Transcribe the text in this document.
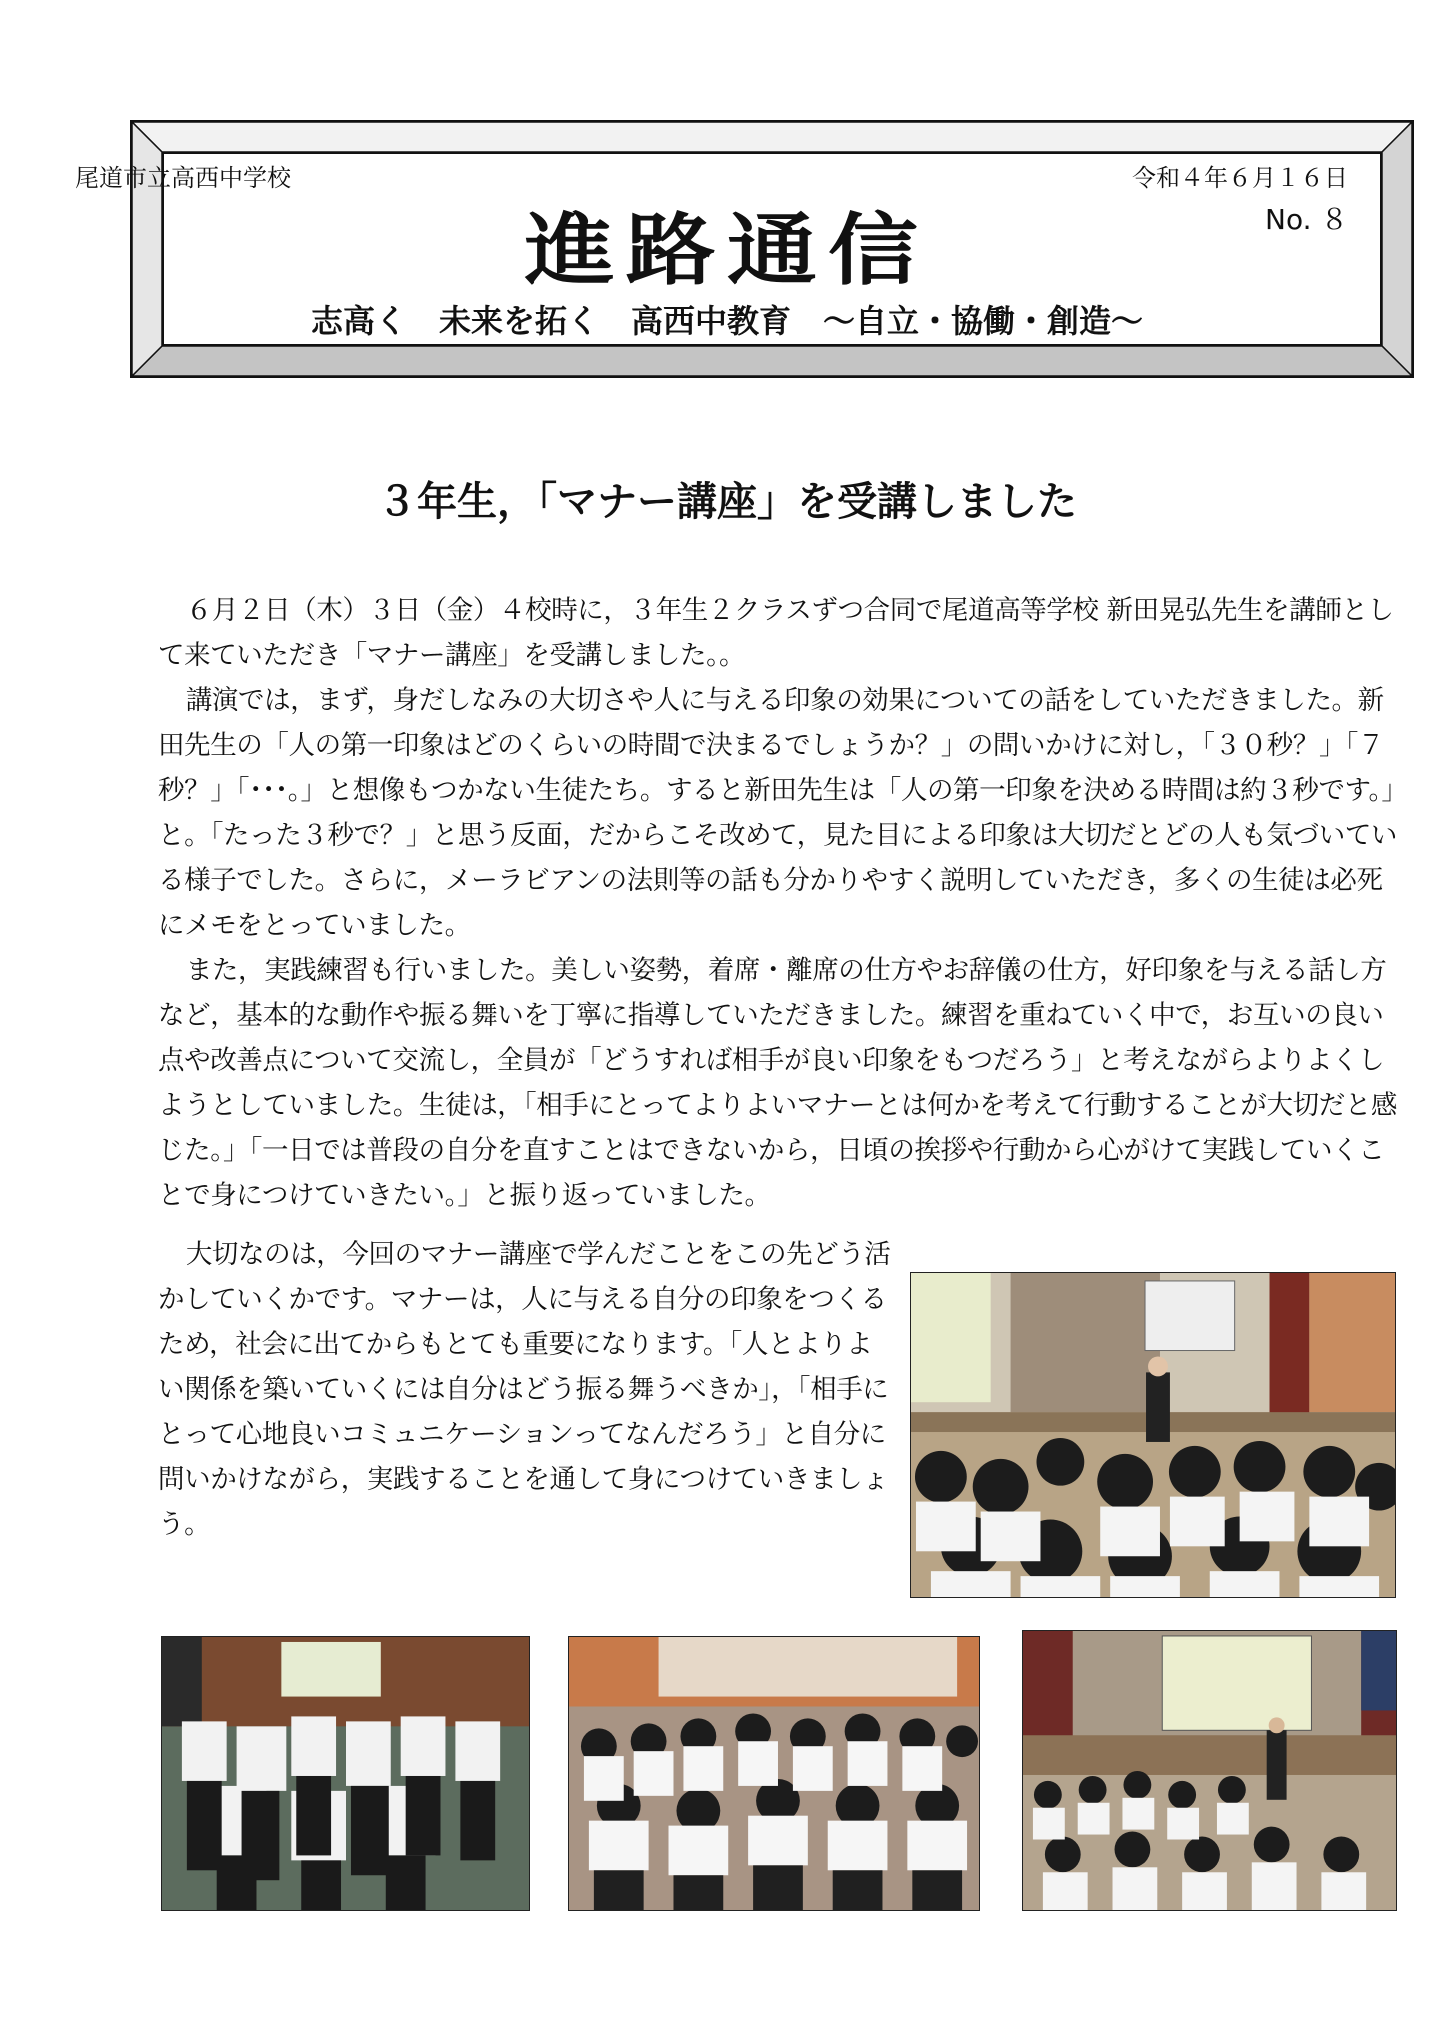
尾道市立高西中学校	令和４年６月１６日
No. ８
進路通信
志高く　未来を拓く　高西中教育　～自立・協働・創造～
３年生，「マナー講座」を受講しました

６月２日（木）３日（金）４校時に，３年生２クラスずつ合同で尾道高等学校 新田晃弘先生を講師として来ていただき「マナー講座」を受講しました。。

講演では，まず，身だしなみの大切さや人に与える印象の効果についての話をしていただきました。新田先生の「人の第一印象はどのくらいの時間で決まるでしょうか？」の問いかけに対し，「３０秒？」「７秒？」「･･･。」と想像もつかない生徒たち。すると新田先生は「人の第一印象を決める時間は約３秒です。」と。「たった３秒で？」と思う反面，だからこそ改めて，見た目による印象は大切だとどの人も気づいている様子でした。さらに，メーラビアンの法則等の話も分かりやすく説明していただき，多くの生徒は必死にメモをとっていました。

また，実践練習も行いました。美しい姿勢，着席・離席の仕方やお辞儀の仕方，好印象を与える話し方など，基本的な動作や振る舞いを丁寧に指導していただきました。練習を重ねていく中で，お互いの良い点や改善点について交流し，全員が「どうすれば相手が良い印象をもつだろう」と考えながらよりよくしようとしていました。生徒は，「相手にとってよりよいマナーとは何かを考えて行動することが大切だと感じた。」「一日では普段の自分を直すことはできないから，日頃の挨拶や行動から心がけて実践していくことで身につけていきたい。」と振り返っていました。

大切なのは，今回のマナー講座で学んだことをこの先どう活かしていくかです。マナーは，人に与える自分の印象をつくるため，社会に出てからもとても重要になります。「人とよりよい関係を築いていくには自分はどう振る舞うべきか」，「相手にとって心地良いコミュニケーションってなんだろう」と自分に問いかけながら，実践することを通して身につけていきましょう。
